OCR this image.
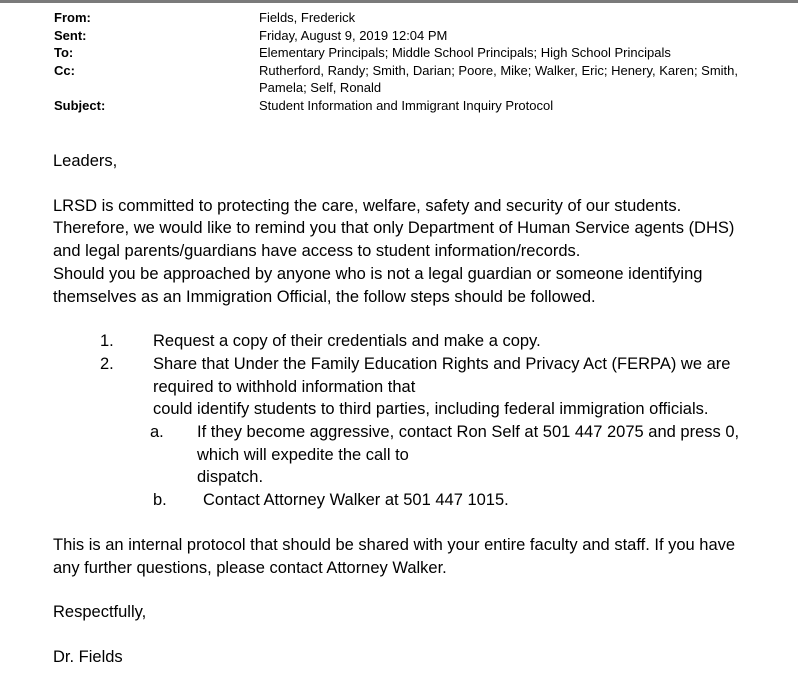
From:	Fields, Frederick
Sent:	Friday, August 9, 2019 12:04 PM
To:	Elementary Principals; Middle School Principals; High School Principals
Cc:	Rutherford, Randy; Smith, Darian; Poore, Mike; Walker, Eric; Henery, Karen; Smith,
Pamela; Self, Ronald
Subject:	Student Information and Immigrant Inquiry Protocol

Leaders,

LRSD is committed to protecting the care, welfare, safety and security of our students.
Therefore, we would like to remind you that only Department of Human Service agents (DHS)
and legal parents/guardians have access to student information/records.
Should you be approached by anyone who is not a legal guardian or someone identifying
themselves as an Immigration Official, the follow steps should be followed.
1.	Request a copy of their credentials and make a copy.
2.	Share that Under the Family Education Rights and Privacy Act (FERPA) we are
required to withhold information that
could identify students to third parties, including federal immigration officials.
a.	If they become aggressive, contact Ron Self at 501 447 2075 and press 0,
which will expedite the call to
dispatch.
b.	Contact Attorney Walker at 501 447 1015.
This is an internal protocol that should be shared with your entire faculty and staff. If you have
any further questions, please contact Attorney Walker.

Respectfully,

Dr. Fields
